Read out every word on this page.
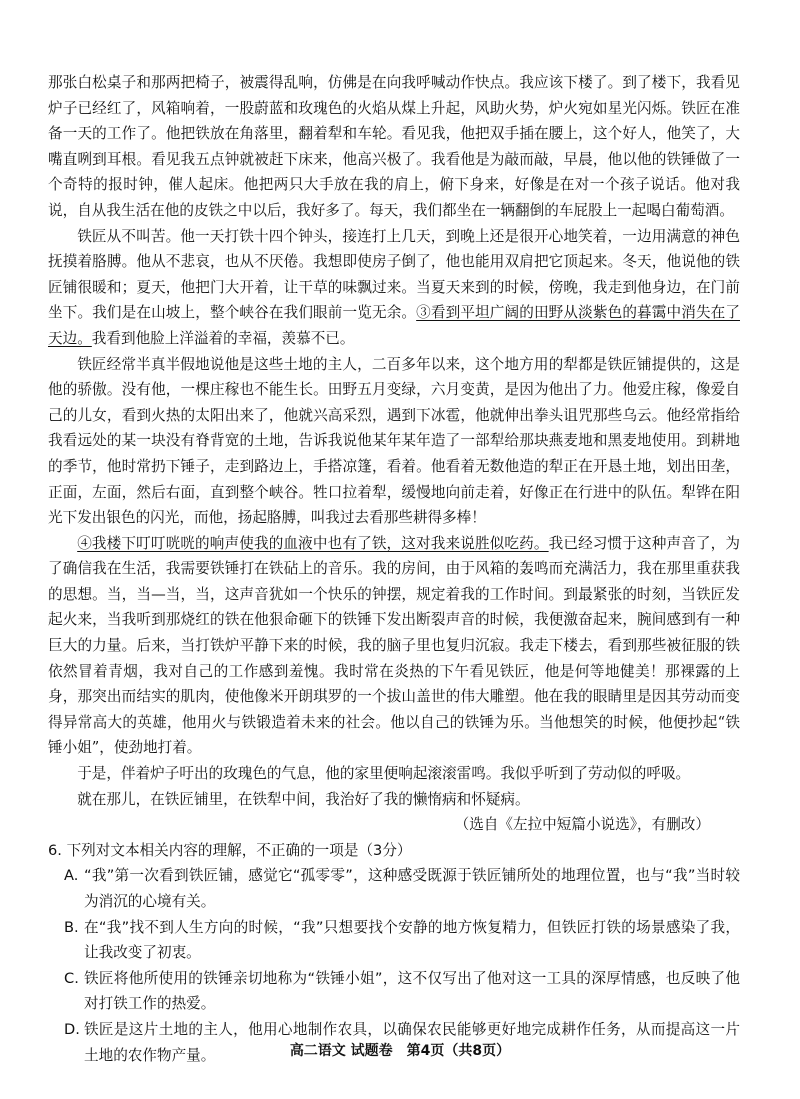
那张白松桌子和那两把椅子，被震得乱响，仿佛是在向我呼喊动作快点。我应该下楼了。到了楼下，我看见炉子已经红了，风箱响着，一股蔚蓝和玫瑰色的火焰从煤上升起，风助火势，炉火宛如星光闪烁。铁匠在准备一天的工作了。他把铁放在角落里，翻着犁和车轮。看见我，他把双手插在腰上，这个好人，他笑了，大嘴直咧到耳根。看见我五点钟就被赶下床来，他高兴极了。我看他是为敲而敲，早晨，他以他的铁锤做了一个奇特的报时钟，催人起床。他把两只大手放在我的肩上，俯下身来，好像是在对一个孩子说话。他对我说，自从我生活在他的皮铁之中以后，我好多了。每天，我们都坐在一辆翻倒的车屁股上一起喝白葡萄酒。

铁匠从不叫苦。他一天打铁十四个钟头，接连打上几天，到晚上还是很开心地笑着，一边用满意的神色抚摸着胳膊。他从不悲哀，也从不厌倦。我想即使房子倒了，他也能用双肩把它顶起来。冬天，他说他的铁匠铺很暖和；夏天，他把门大开着，让干草的味飘过来。当夏天来到的时候，傍晚，我走到他身边，在门前坐下。我们是在山坡上，整个峡谷在我们眼前一览无余。③看到平坦广阔的田野从淡紫色的暮霭中消失在了天边。我看到他脸上洋溢着的幸福，羡慕不已。

铁匠经常半真半假地说他是这些土地的主人，二百多年以来，这个地方用的犁都是铁匠铺提供的，这是他的骄傲。没有他，一棵庄稼也不能生长。田野五月变绿，六月变黄，是因为他出了力。他爱庄稼，像爱自己的儿女，看到火热的太阳出来了，他就兴高采烈，遇到下冰雹，他就伸出拳头诅咒那些乌云。他经常指给我看远处的某一块没有脊背宽的土地，告诉我说他某年某年造了一部犁给那块燕麦地和黑麦地使用。到耕地的季节，他时常扔下锤子，走到路边上，手搭凉篷，看着。他看着无数他造的犁正在开恳土地，划出田垄，正面，左面，然后右面，直到整个峡谷。牲口拉着犁，缓慢地向前走着，好像正在行进中的队伍。犁铧在阳光下发出银色的闪光，而他，扬起胳膊，叫我过去看那些耕得多棒！

④我楼下叮叮咣咣的响声使我的血液中也有了铁，这对我来说胜似吃药。我已经习惯于这种声音了，为了确信我在生活，我需要铁锤打在铁砧上的音乐。我的房间，由于风箱的轰鸣而充满活力，我在那里重获我的思想。当，当—当，当，这声音犹如一个快乐的钟摆，规定着我的工作时间。到最紧张的时刻，当铁匠发起火来，当我听到那烧红的铁在他狠命砸下的铁锤下发出断裂声音的时候，我便激奋起来，腕间感到有一种巨大的力量。后来，当打铁炉平静下来的时候，我的脑子里也复归沉寂。我走下楼去，看到那些被征服的铁依然冒着青烟，我对自己的工作感到羞愧。我时常在炎热的下午看见铁匠，他是何等地健美！那裸露的上身，那突出而结实的肌肉，使他像米开朗琪罗的一个拔山盖世的伟大雕塑。他在我的眼睛里是因其劳动而变得异常高大的英雄，他用火与铁锻造着未来的社会。他以自己的铁锤为乐。当他想笑的时候，他便抄起“铁锤小姐”，使劲地打着。

于是，伴着炉子吁出的玫瑰色的气息，他的家里便响起滚滚雷鸣。我似乎听到了劳动似的呼吸。

就在那儿，在铁匠铺里，在铁犁中间，我治好了我的懒惰病和怀疑病。

（选自《左拉中短篇小说选》，有删改）

6. 下列对文本相关内容的理解，不正确的一项是（3分）

A. “我”第一次看到铁匠铺，感觉它“孤零零”，这种感受既源于铁匠铺所处的地理位置，也与“我”当时较为消沉的心境有关。
B. 在“我”找不到人生方向的时候，“我”只想要找个安静的地方恢复精力，但铁匠打铁的场景感染了我，让我改变了初衷。
C. 铁匠将他所使用的铁锤亲切地称为“铁锤小姐”，这不仅写出了他对这一工具的深厚情感，也反映了他对打铁工作的热爱。
D. 铁匠是这片土地的主人，他用心地制作农具，以确保农民能够更好地完成耕作任务，从而提高这一片土地的农作物产量。	高二语文 试题卷　第4页（共8页）
